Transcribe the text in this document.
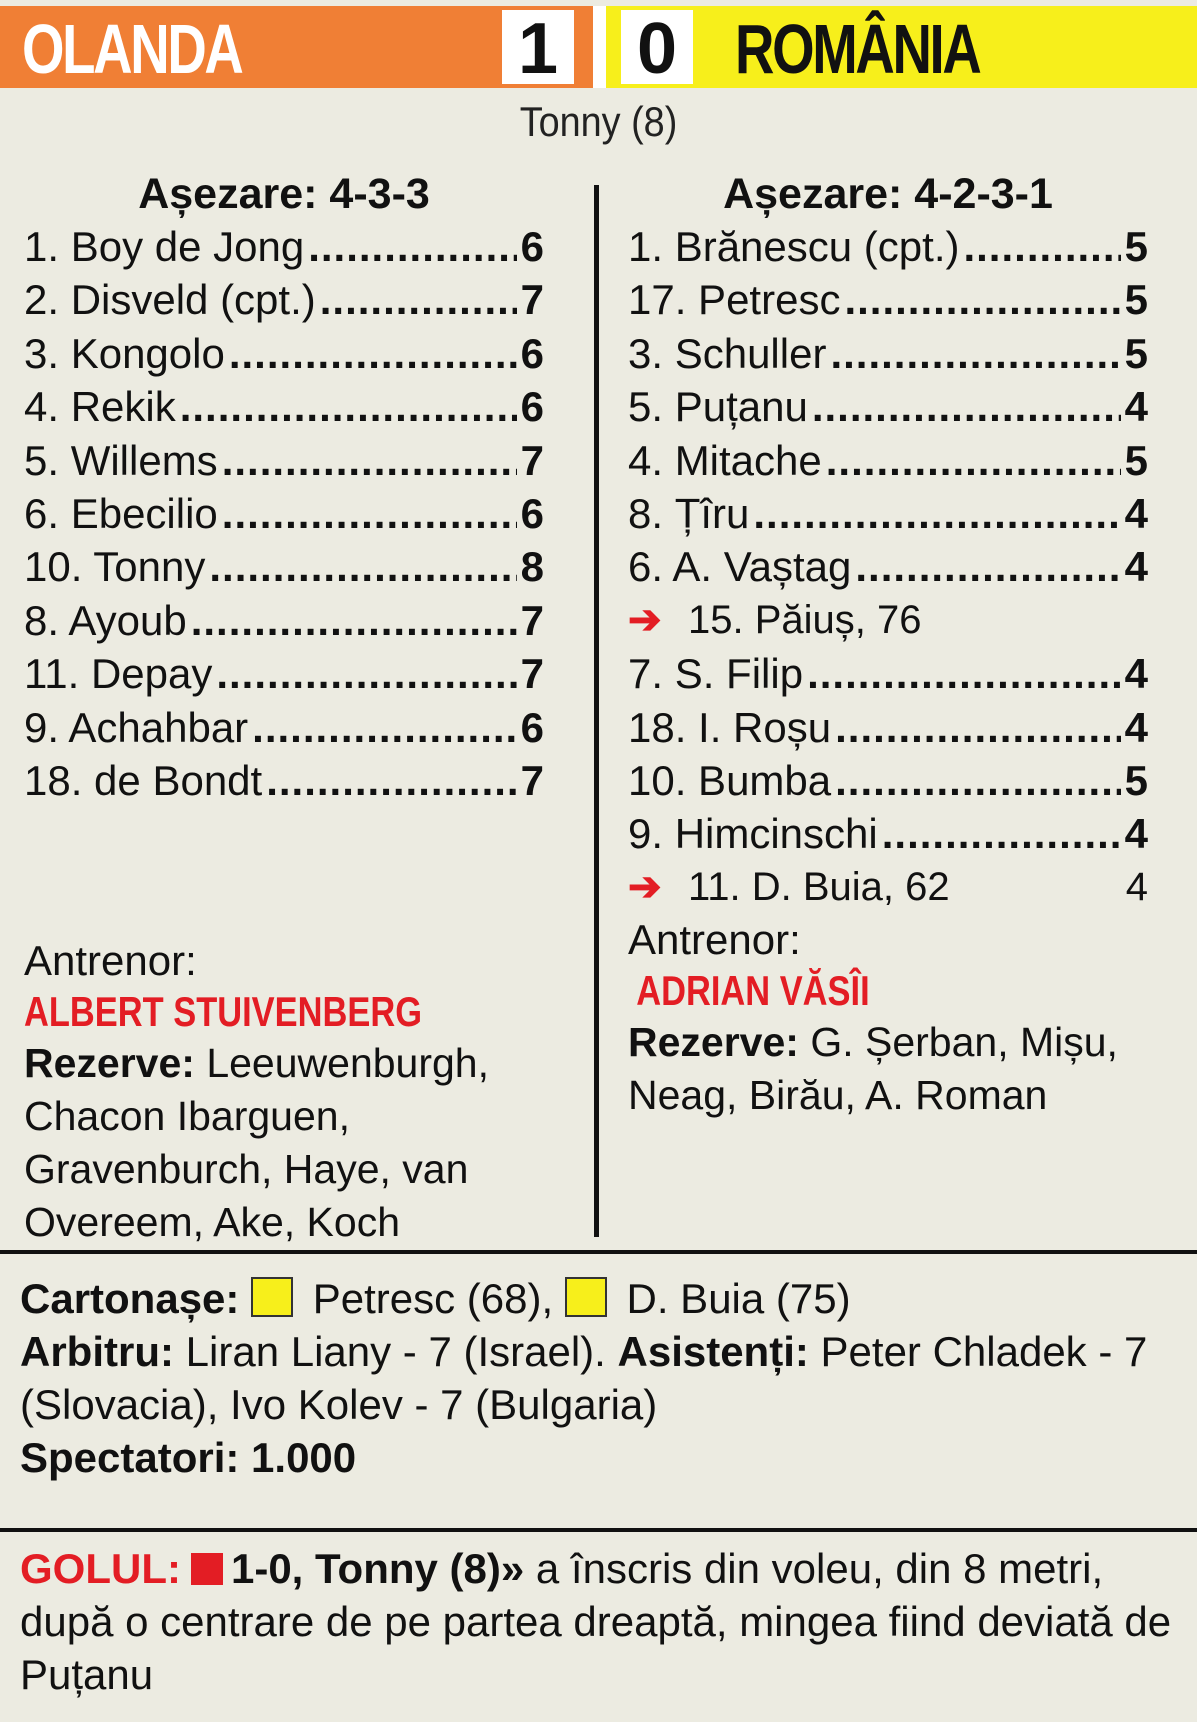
OLANDA	1 0 ROMÂNIA
Tonny (8)
Așezare: 4-3-3
1. Boy de Jong .....	6
2. Disveld (cpt.) .....	7
3. Kongolo .....	6
4. Rekik .....	6
5. Willems .....	7
6. Ebecilio .....	6
10. Tonny .....	8
8. Ayoub .....	7
11. Depay .....	7
9. Achahbar .....	6
18. de Bondt .....	7
Antrenor:
ALBERT STUIVENBERG
Rezerve: Leeuwenburgh, Chacon Ibarguen, Gravenburch, Haye, van Overeem, Ake, Koch
Așezare: 4-2-3-1
1. Brănescu (cpt.) .....	5
17. Petresc .....	5
3. Schuller .....	5
5. Puțanu .....	4
4. Mitache .....	5
8. Țîru .....	4
6. A. Vaștag .....	4
➔ 15. Păiuș, 76
7. S. Filip .....	4
18. I. Roșu .....	4
10. Bumba .....	5
9. Himcinschi .....	4
➔ 11. D. Buia, 62	4
Antrenor:
ADRIAN VĂSÎI
Rezerve: G. Șerban, Mișu, Neag, Birău, A. Roman
Cartonașe:  Petresc (68),  D. Buia (75)
Arbitru: Liran Liany - 7 (Israel). Asistenți: Peter Chladek - 7 (Slovacia), Ivo Kolev - 7 (Bulgaria)
Spectatori: 1.000
GOLUL: 1-0, Tonny (8)» a înscris din voleu, din 8 metri, după o centrare de pe partea dreaptă, mingea fiind deviată de Puțanu
